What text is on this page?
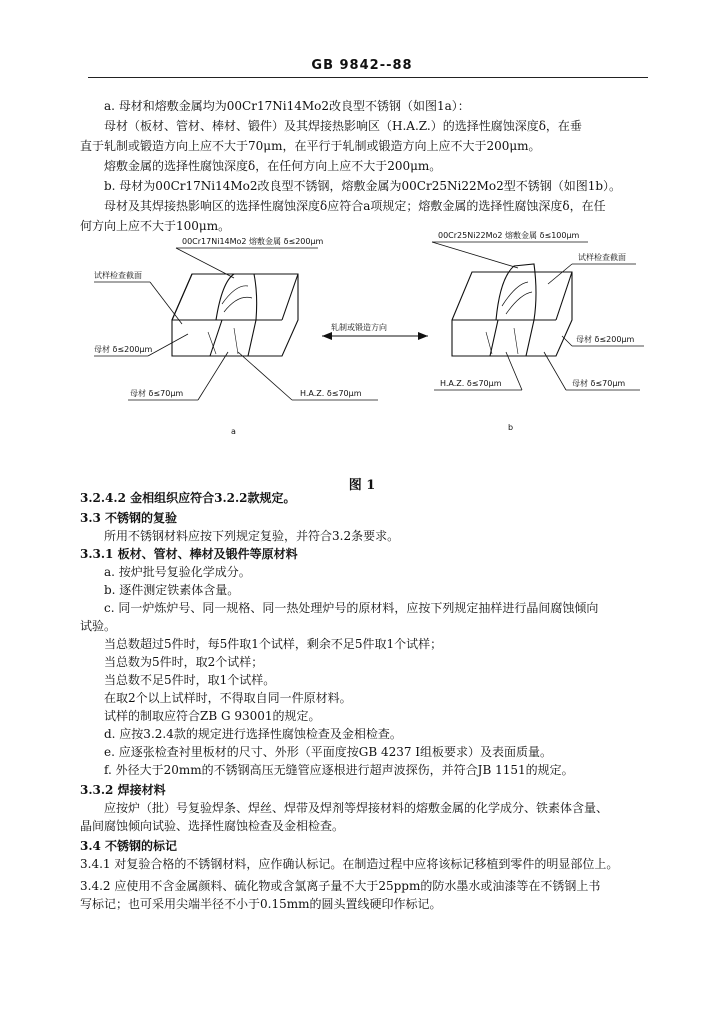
GB 9842--88
a. 母材和熔敷金属均为00Cr17Ni14Mo2改良型不锈钢（如图1a）：
母材（板材、管材、棒材、锻件）及其焊接热影响区（H.A.Z.）的选择性腐蚀深度δ，在垂
直于轧制或锻造方向上应不大于70μm，在平行于轧制或锻造方向上应不大于200μm。
熔敷金属的选择性腐蚀深度δ，在任何方向上应不大于200μm。
b. 母材为00Cr17Ni14Mo2改良型不锈钢，熔敷金属为00Cr25Ni22Mo2型不锈钢（如图1b）。
母材及其焊接热影响区的选择性腐蚀深度δ应符合a项规定；熔敷金属的选择性腐蚀深度δ，在任
何方向上应不大于100μm。
00Cr17Ni14Mo2 熔敷金属 δ≤200μm
试样检查截面
母材 δ≤200μm
母材 δ≤70μm	H.A.Z. δ≤70μm
轧制或锻造方向
00Cr25Ni22Mo2 熔敷金属 δ≤100μm
试样检查截面
母材 δ≤200μm
母材 δ≤70μm
H.A.Z. δ≤70μm
a	b
图 1
3.2.4.2 金相组织应符合3.2.2款规定。
3.3 不锈钢的复验
所用不锈钢材料应按下列规定复验，并符合3.2条要求。
3.3.1 板材、管材、棒材及锻件等原材料
a. 按炉批号复验化学成分。
b. 逐件测定铁素体含量。
c. 同一炉炼炉号、同一规格、同一热处理炉号的原材料，应按下列规定抽样进行晶间腐蚀倾向
试验。
当总数超过5件时，每5件取1个试样，剩余不足5件取1个试样；
当总数为5件时，取2个试样；
当总数不足5件时，取1个试样。
在取2个以上试样时，不得取自同一件原材料。
试样的制取应符合ZB G 93001的规定。
d. 应按3.2.4款的规定进行选择性腐蚀检查及金相检查。
e. 应逐张检查衬里板材的尺寸、外形（平面度按GB 4237 I组板要求）及表面质量。
f. 外径大于20mm的不锈钢高压无缝管应逐根进行超声波探伤，并符合JB 1151的规定。
3.3.2 焊接材料
应按炉（批）号复验焊条、焊丝、焊带及焊剂等焊接材料的熔敷金属的化学成分、铁素体含量、
晶间腐蚀倾向试验、选择性腐蚀检查及金相检查。
3.4 不锈钢的标记
3.4.1 对复验合格的不锈钢材料，应作确认标记。在制造过程中应将该标记移植到零件的明显部位上。
3.4.2 应使用不含金属颜料、硫化物或含氯离子量不大于25ppm的防水墨水或油漆等在不锈钢上书
写标记；也可采用尖端半径不小于0.15mm的圆头置线硬印作标记。
